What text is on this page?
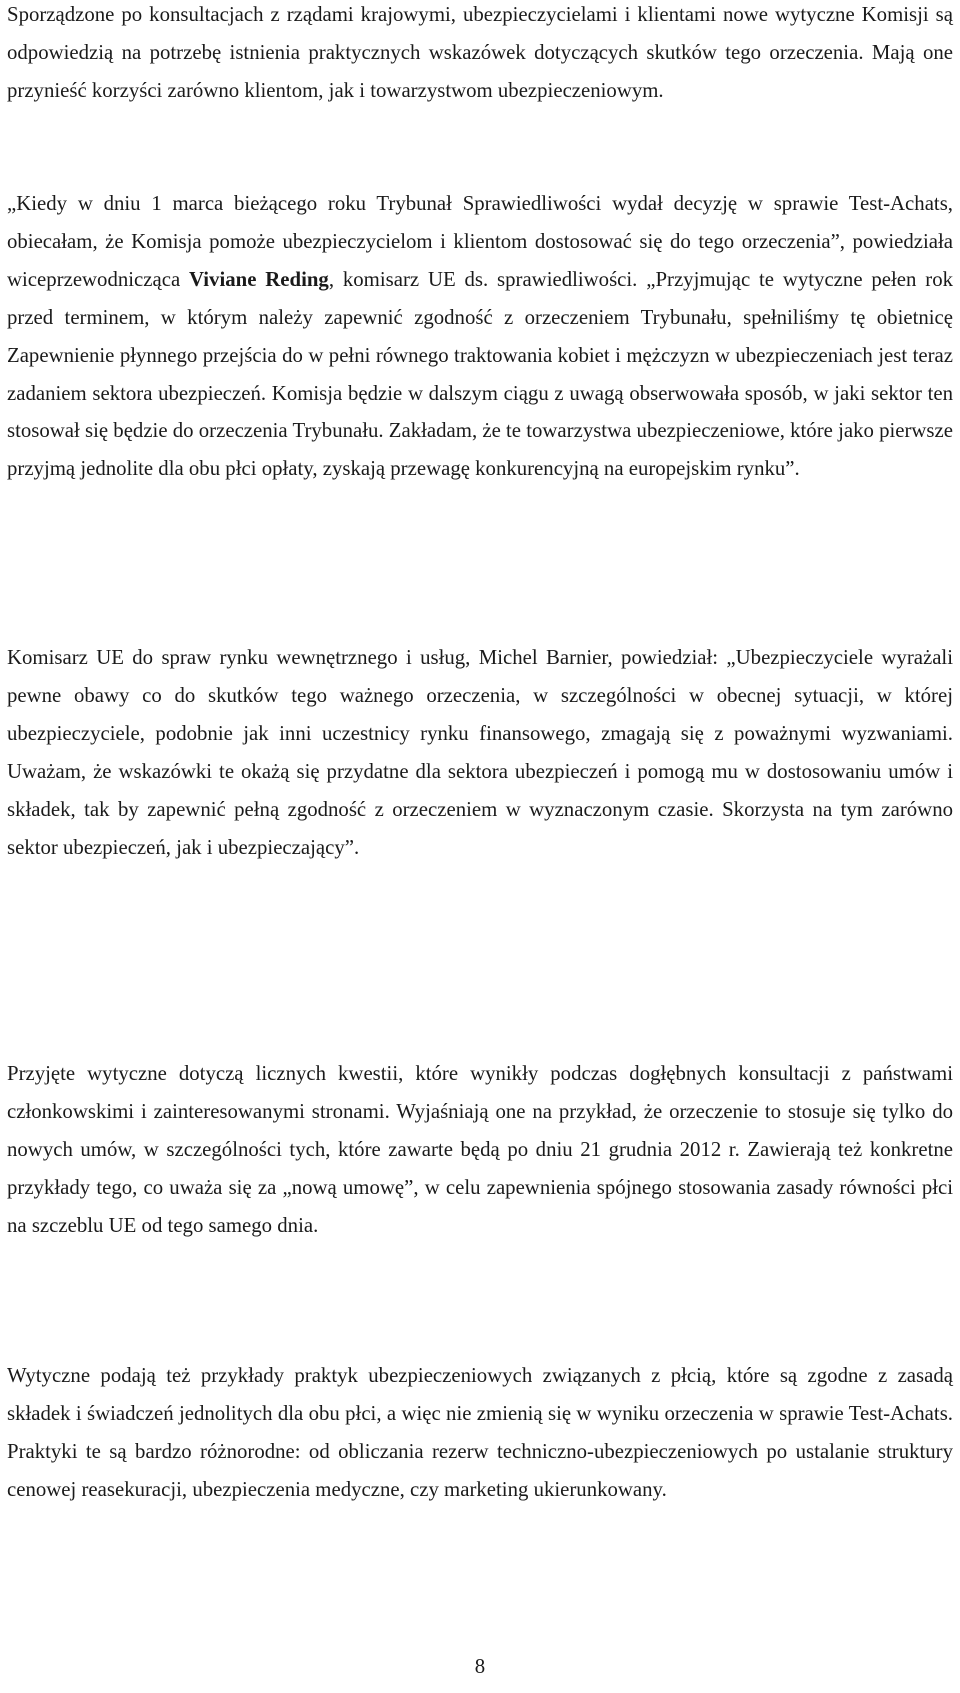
Sporządzone po konsultacjach z rządami krajowymi, ubezpieczycielami i klientami nowe wytyczne Komisji są odpowiedzią na potrzebę istnienia praktycznych wskazówek dotyczących skutków tego orzeczenia. Mają one przynieść korzyści zarówno klientom, jak i towarzystwom ubezpieczeniowym.

„Kiedy w dniu 1 marca bieżącego roku Trybunał Sprawiedliwości wydał decyzję w sprawie Test-Achats, obiecałam, że Komisja pomoże ubezpieczycielom i klientom dostosować się do tego orzeczenia”, powiedziała wiceprzewodnicząca Viviane Reding, komisarz UE ds. sprawiedliwości. „Przyjmując te wytyczne pełen rok przed terminem, w którym należy zapewnić zgodność z orzeczeniem Trybunału, spełniliśmy tę obietnicę Zapewnienie płynnego przejścia do w pełni równego traktowania kobiet i mężczyzn w ubezpieczeniach jest teraz zadaniem sektora ubezpieczeń. Komisja będzie w dalszym ciągu z uwagą obserwowała sposób, w jaki sektor ten stosował się będzie do orzeczenia Trybunału. Zakładam, że te towarzystwa ubezpieczeniowe, które jako pierwsze przyjmą jednolite dla obu płci opłaty, zyskają przewagę konkurencyjną na europejskim rynku”.

Komisarz UE do spraw rynku wewnętrznego i usług, Michel Barnier, powiedział: „Ubezpieczyciele wyrażali pewne obawy co do skutków tego ważnego orzeczenia, w szczególności w obecnej sytuacji, w której ubezpieczyciele, podobnie jak inni uczestnicy rynku finansowego, zmagają się z poważnymi wyzwaniami. Uważam, że wskazówki te okażą się przydatne dla sektora ubezpieczeń i pomogą mu w dostosowaniu umów i składek, tak by zapewnić pełną zgodność z orzeczeniem w wyznaczonym czasie. Skorzysta na tym zarówno sektor ubezpieczeń, jak i ubezpieczający”.

Przyjęte wytyczne dotyczą licznych kwestii, które wynikły podczas dogłębnych konsultacji z państwami członkowskimi i zainteresowanymi stronami. Wyjaśniają one na przykład, że orzeczenie to stosuje się tylko do nowych umów, w szczególności tych, które zawarte będą po dniu 21 grudnia 2012 r. Zawierają też konkretne przykłady tego, co uważa się za „nową umowę”, w celu zapewnienia spójnego stosowania zasady równości płci na szczeblu UE od tego samego dnia.

Wytyczne podają też przykłady praktyk ubezpieczeniowych związanych z płcią, które są zgodne z zasadą składek i świadczeń jednolitych dla obu płci, a więc nie zmienią się w wyniku orzeczenia w sprawie Test-Achats. Praktyki te są bardzo różnorodne: od obliczania rezerw techniczno-ubezpieczeniowych po ustalanie struktury cenowej reasekuracji, ubezpieczenia medyczne, czy marketing ukierunkowany.

8
